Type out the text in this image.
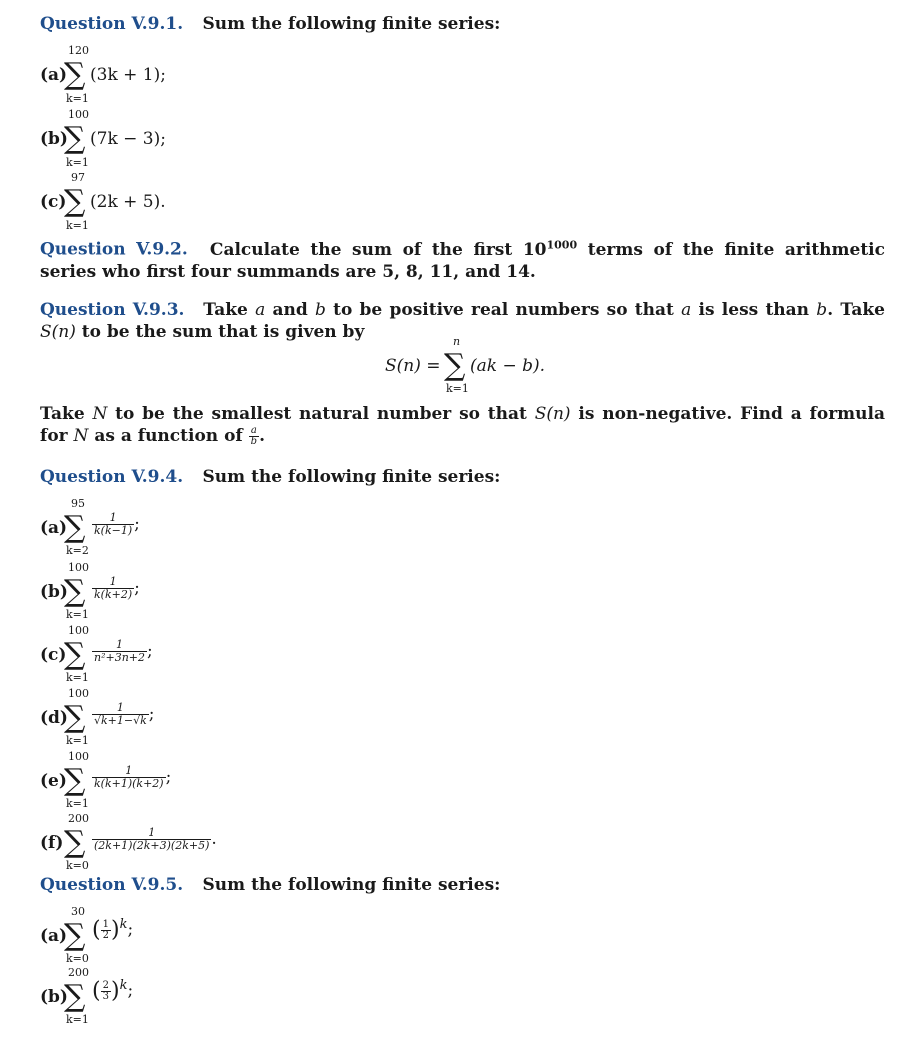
Question V.9.1. Sum the following finite series:
120
(a)
∑ (3k + 1);
k=1
100
(b)
∑ (7k − 3);
k=1
97
(c)
∑ (2k + 5).
k=1
Question V.9.2. Calculate the sum of the first $10^{1000}$ terms of the finite arithmetic series who first four summands are 5, 8, 11, and 14.
Question V.9.3. Take a and b to be positive real numbers so that a is less than b. Take S(n) to be the sum that is given by
S(n) =
n
∑ (ak − b).
k=1
Take N to be the smallest natural number so that S(n) is non-negative. Find a formula for N as a function of $\frac{a}{b}$ .
Question V.9.4. Sum the following finite series:
95
(a)
∑ $\frac{1}{k(k-1)}$ ;
k=2
100
(b)
∑ $\frac{1}{k(k+2)}$ ;
k=1
100
(c)
∑ $\frac{1}{\text{n²+3n+2}}$ ;
k=1
100
(d)
∑ $\frac{1}{√k+1-√k}$ ;
k=1
100
(e)
∑ $\frac{1}{k(k+1)(k+2)}$ ;
k=1
200
(f) ∑ $\frac{1}{(2k+1)(2k+3)(2k+5)}$ .
k=0
Question V.9.5. Sum the following finite series:
30
(a)
∑ ( $\frac{1}{2} )^k$;
k=0
200
(b)
∑ ( $\frac{2}{3} )^k$;
k=1
